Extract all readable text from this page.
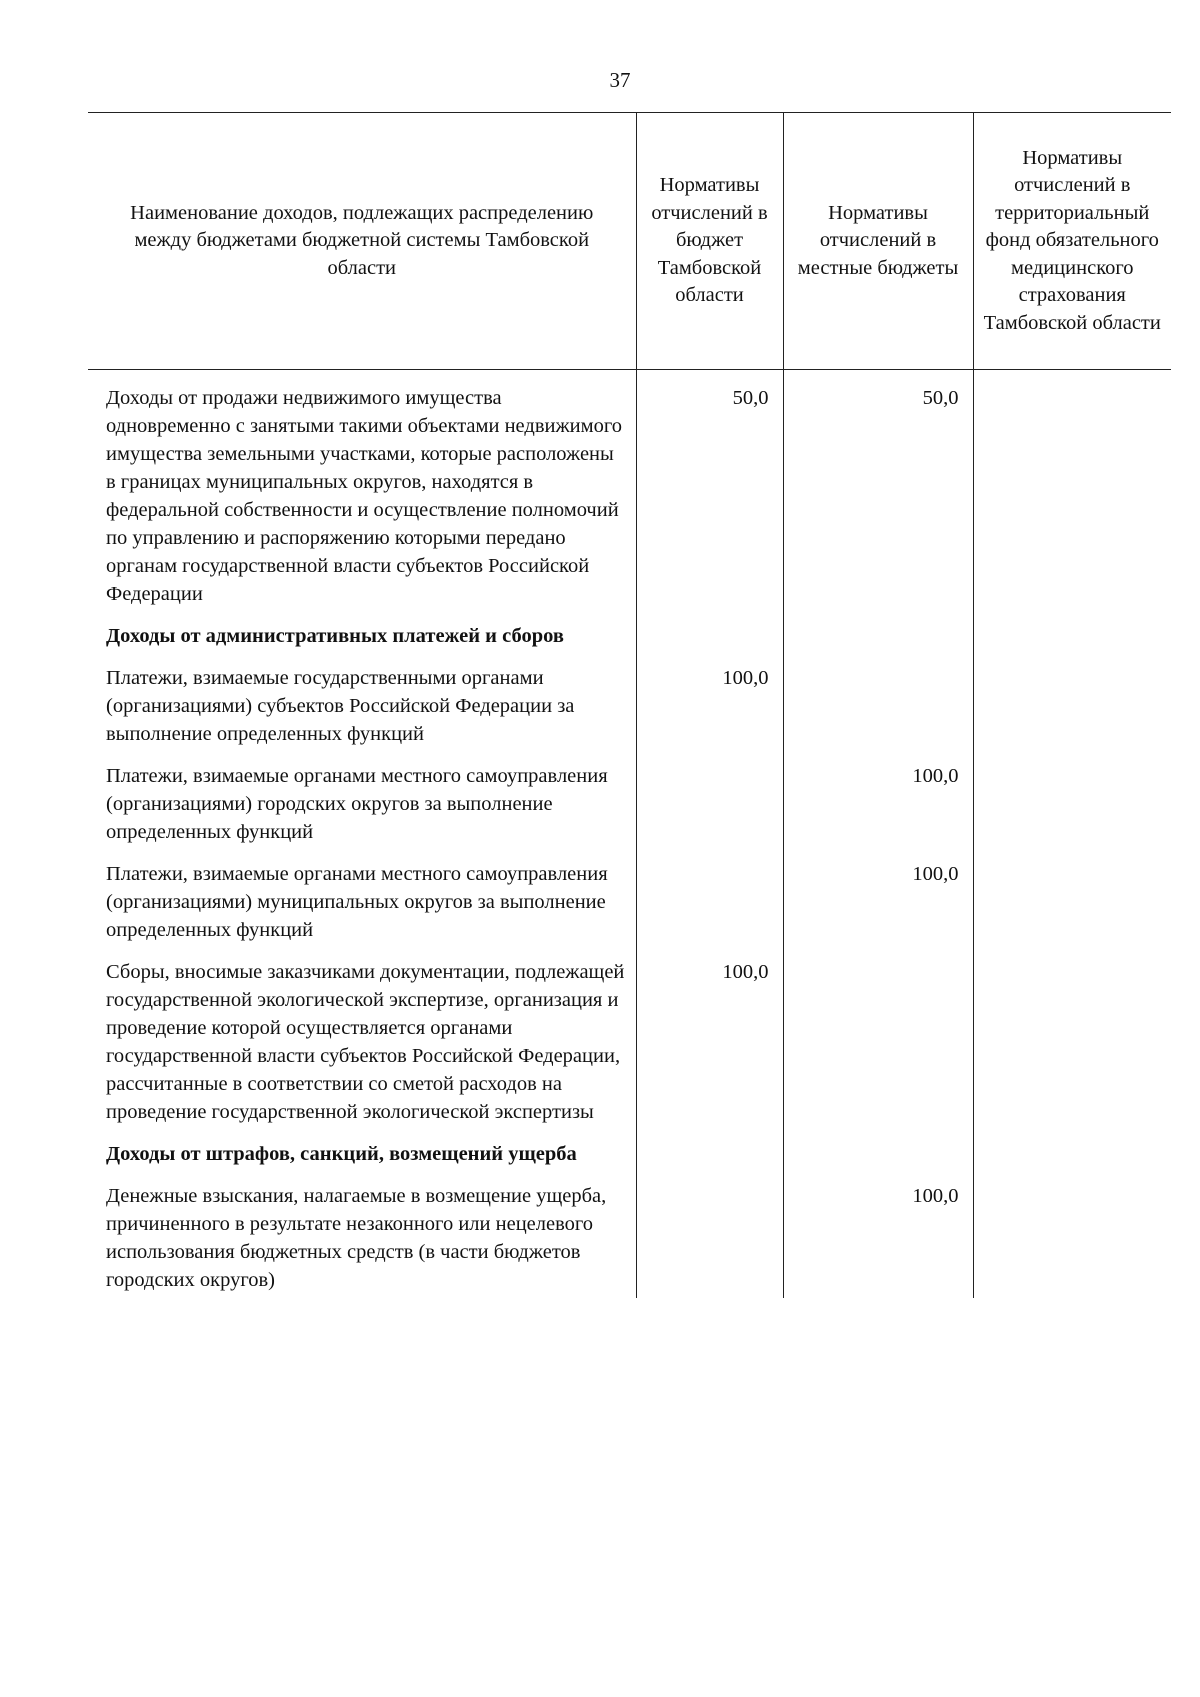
37
Наименование доходов, подлежащих распределению между бюджетами бюджетной системы Тамбовской области	Нормативы отчислений в бюджет Тамбовской области	Нормативы отчислений в местные бюджеты	Нормативы отчислений в территориальный фонд обязательного медицинского страхования Тамбовской области
Доходы от продажи недвижимого имущества одновременно с занятыми такими объектами недвижимого имущества земельными участками, которые расположены в границах муниципальных округов, находятся в федеральной собственности и осуществление полномочий по управлению и распоряжению которыми передано органам государственной власти субъектов Российской Федерации	50,0	50,0	
Доходы от административных платежей и сборов			
Платежи, взимаемые государственными органами (организациями) субъектов Российской Федерации за выполнение определенных функций	100,0		
Платежи, взимаемые органами местного самоуправления (организациями) городских округов за выполнение определенных функций		100,0	
Платежи, взимаемые органами местного самоуправления (организациями) муниципальных округов за выполнение определенных функций		100,0	
Сборы, вносимые заказчиками документации, подлежащей государственной экологической экспертизе, организация и проведение которой осуществляется органами государственной власти субъектов Российской Федерации, рассчитанные в соответствии со сметой расходов на проведение государственной экологической экспертизы	100,0		
Доходы от штрафов, санкций, возмещений ущерба			
Денежные взыскания, налагаемые в возмещение ущерба, причиненного в результате незаконного или нецелевого использования бюджетных средств (в части бюджетов городских округов)		100,0	
